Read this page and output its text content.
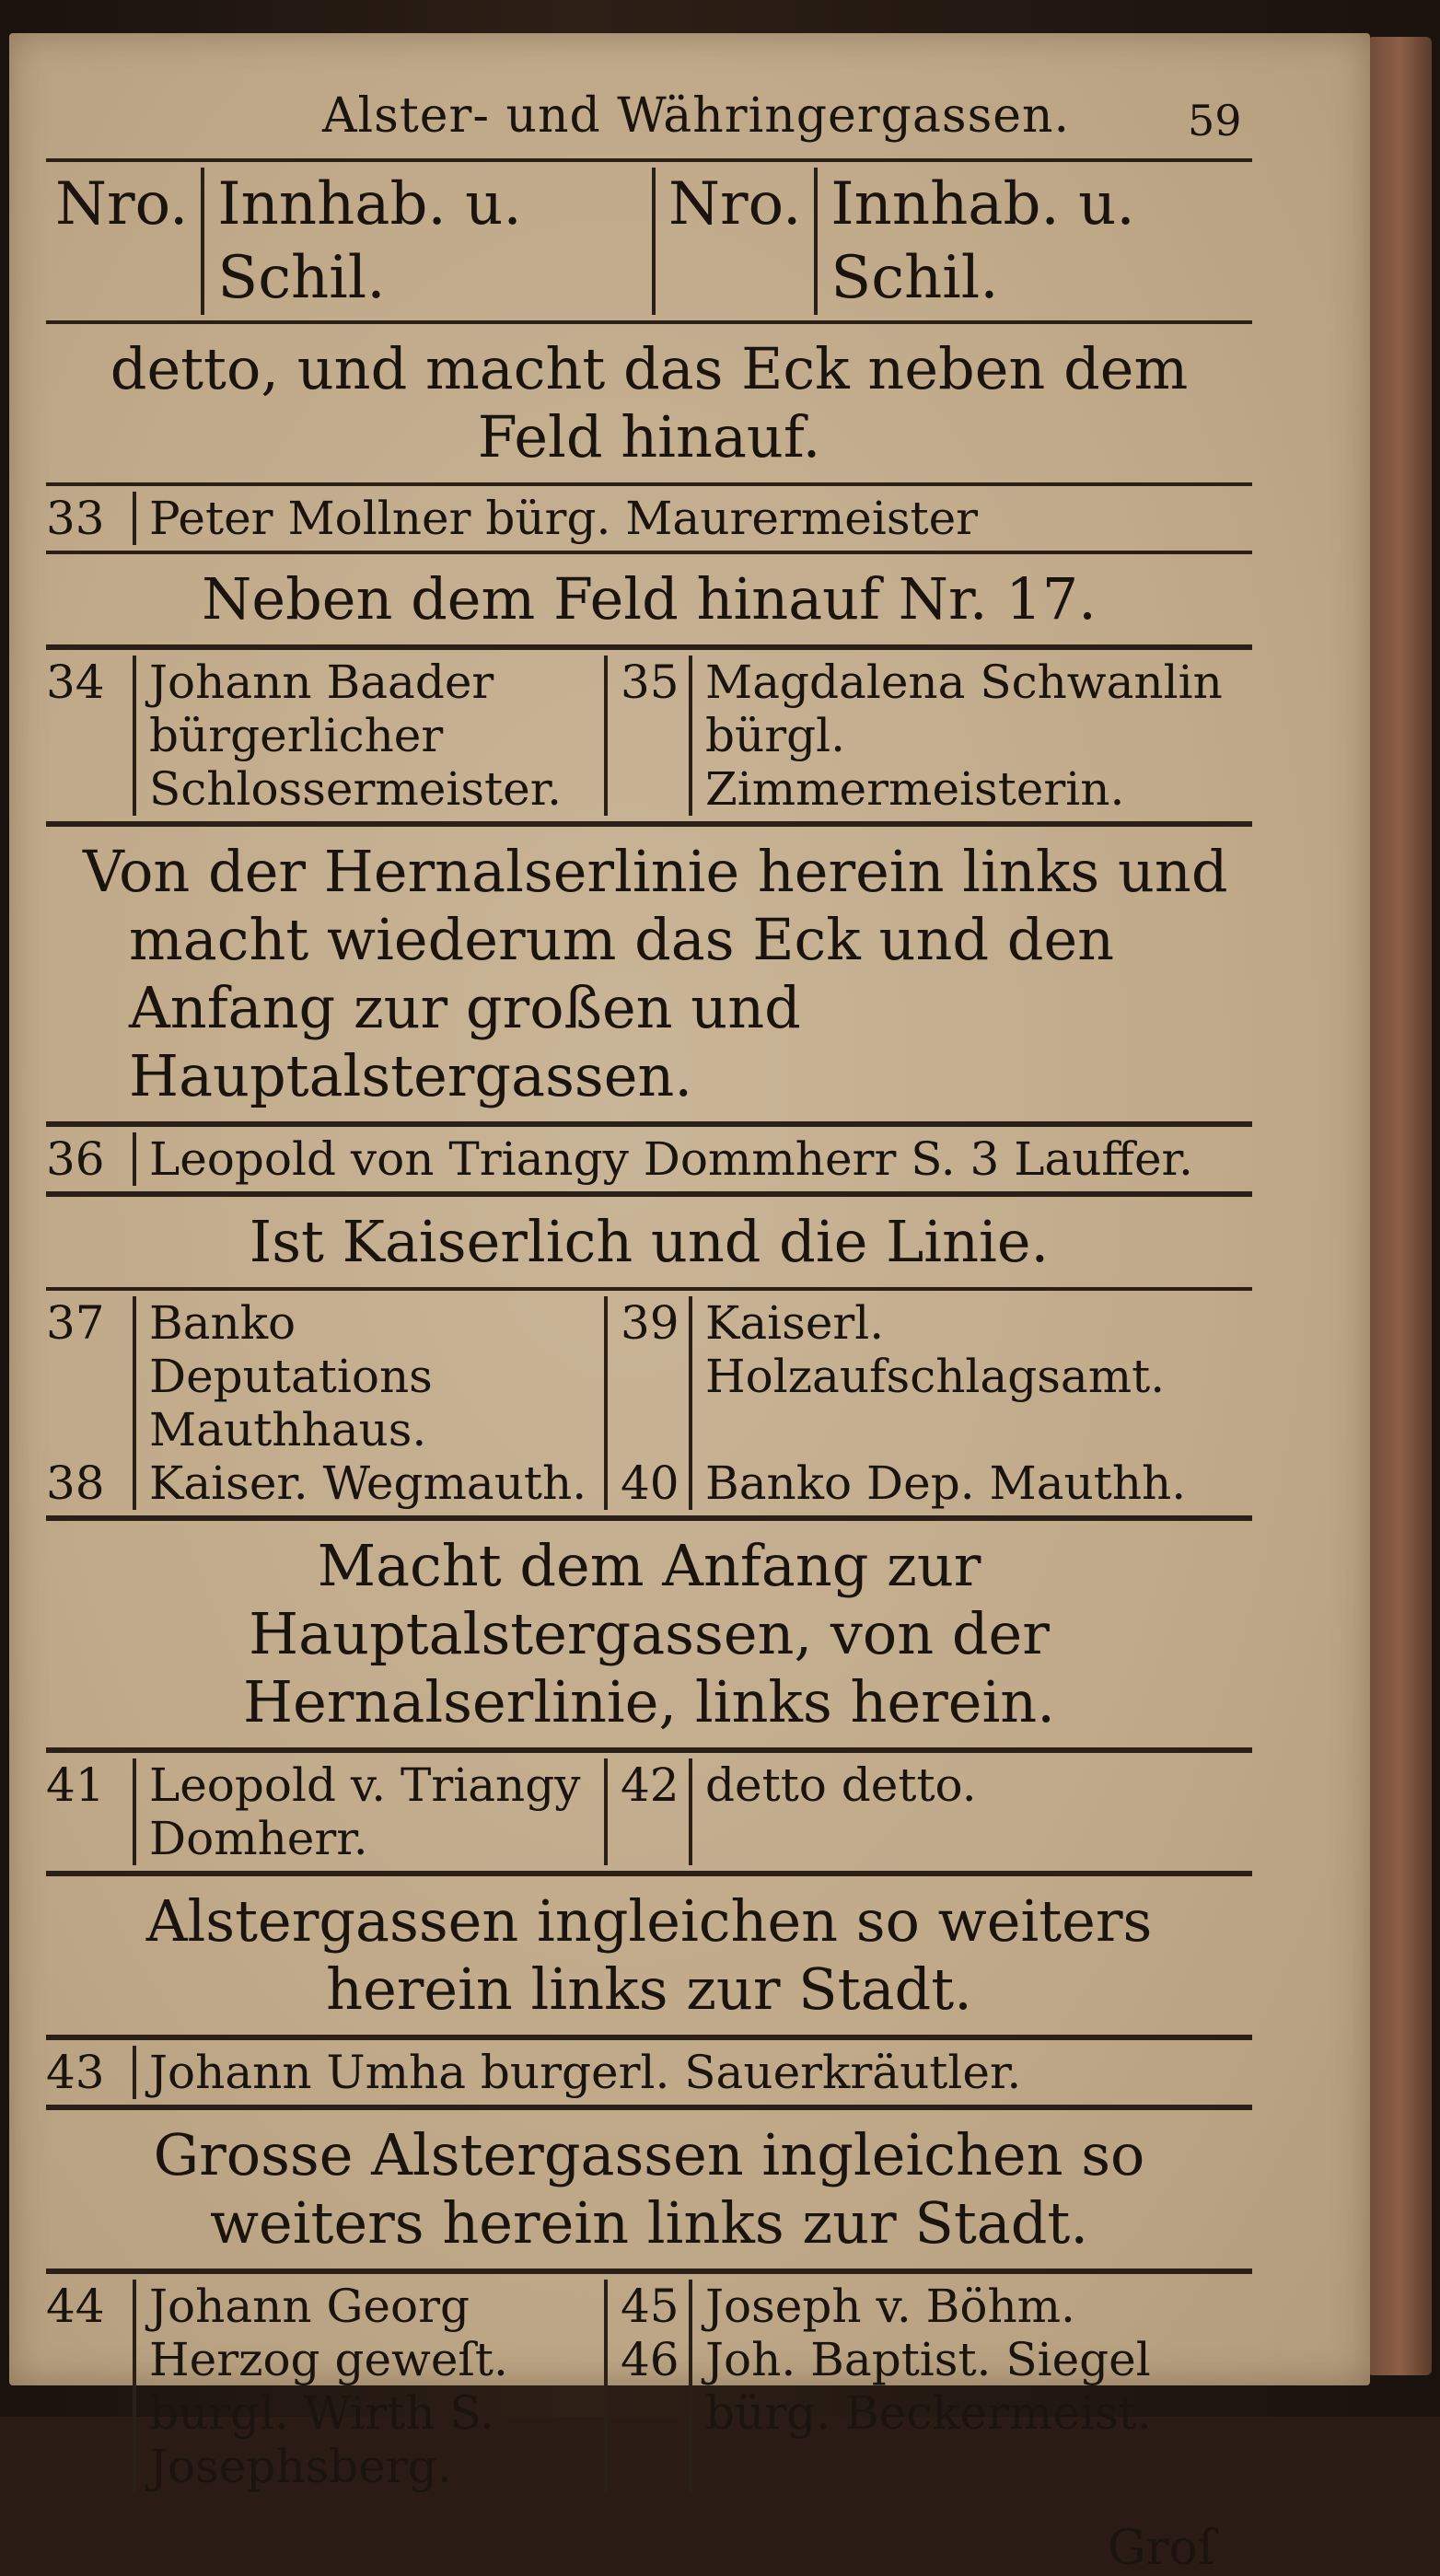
Alster- und Währingergassen.	59
Nro. Innhab. u. Schil.
Nro. Innhab. u. Schil.
detto, und macht das Eck neben dem Feld hinauf.
33 Peter Mollner bürg. Maurermeister
Neben dem Feld hinauf Nr. 17.
34 Johann Baader bürgerlicher Schlossermeister.
35 Magdalena Schwanlin bürgl. Zimmermeisterin.
Von der Hernalserlinie herein links und macht wiederum das Eck und den Anfang zur großen und Hauptalstergassen.
36 Leopold von Triangy Dommherr S. 3 Lauffer.
Ist Kaiserlich und die Linie.
37 Banko Deputations Mauthhaus.
39 Kaiserl. Holzaufschlagsamt.
38 Kaiser. Wegmauth. 40 Banko Dep. Mauthh.
Macht dem Anfang zur Hauptalstergassen, von der Hernalserlinie, links herein.
41 Leopold v. Triangy Domherr.
42 detto detto.
Alstergassen ingleichen so weiters herein links zur Stadt.
43 Johann Umha burgerl. Sauerkräutler.
Grosse Alstergassen ingleichen so weiters herein links zur Stadt.
44 Johann Georg Herzog geweſt. burgl. Wirth S. Josephsberg.
45
46
Joseph v. Böhm.
Joh. Baptist. Siegel bürg. Beckermeist.
Groſ
